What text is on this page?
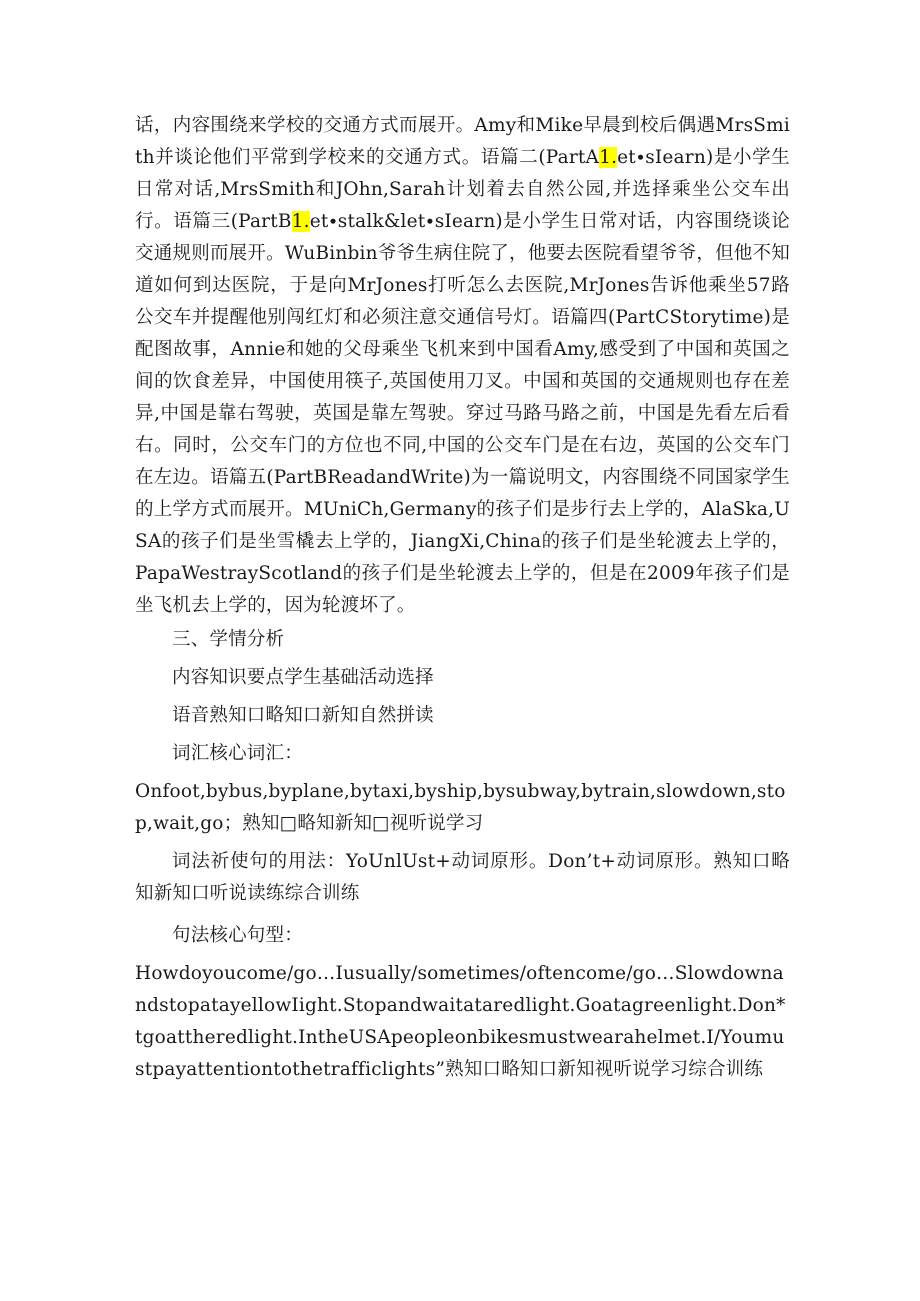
话，内容围绕来学校的交通方式而展开。Amy和Mike早晨到校后偶遇MrsSmith并谈论他们平常到学校来的交通方式。语篇二(PartA1.et∙sIearn)是小学生日常对话,MrsSmith和JOhn,Sarah计划着去自然公园,并选择乘坐公交车出行。语篇三(PartB1.et∙stalk&let∙sIearn)是小学生日常对话，内容围绕谈论交通规则而展开。WuBinbin爷爷生病住院了，他要去医院看望爷爷，但他不知道如何到达医院，于是向MrJones打听怎么去医院,MrJones告诉他乘坐57路公交车并提醒他别闯红灯和必须注意交通信号灯。语篇四(PartCStorytime)是配图故事，Annie和她的父母乘坐飞机来到中国看Amy,感受到了中国和英国之间的饮食差异，中国使用筷子,英国使用刀叉。中国和英国的交通规则也存在差异,中国是靠右驾驶，英国是靠左驾驶。穿过马路马路之前，中国是先看左后看右。同时，公交车门的方位也不同,中国的公交车门是在右边，英国的公交车门在左边。语篇五(PartBReadandWrite)为一篇说明文，内容围绕不同国家学生的上学方式而展开。MUniCh,Germany的孩子们是步行去上学的，AlaSka,USA的孩子们是坐雪橇去上学的，JiangXi,China的孩子们是坐轮渡去上学的，PapaWestrayScotland的孩子们是坐轮渡去上学的，但是在2009年孩子们是坐飞机去上学的，因为轮渡坏了。

三、学情分析

内容知识要点学生基础活动选择

语音熟知口略知口新知自然拼读

词汇核心词汇：

Onfoot,bybus,byplane,bytaxi,byship,bysubway,bytrain,slowdown,stop,wait,go；熟知□略知新知□视听说学习

词法祈使句的用法：YoUnlUst+动词原形。Don’t+动词原形。熟知口略知新知口听说读练综合训练

句法核心句型：

Howdoyoucome/go…Iusually/sometimes/oftencome/go…SlowdownandstopatayellowIight.Stopandwaitataredlight.Goatagreenlight.Don*tgoattheredlight.IntheUSApeopleonbikesmustwearahelmet.I/Youmustpayattentiontothetrafficlights”熟知口略知口新知视听说学习综合训练
